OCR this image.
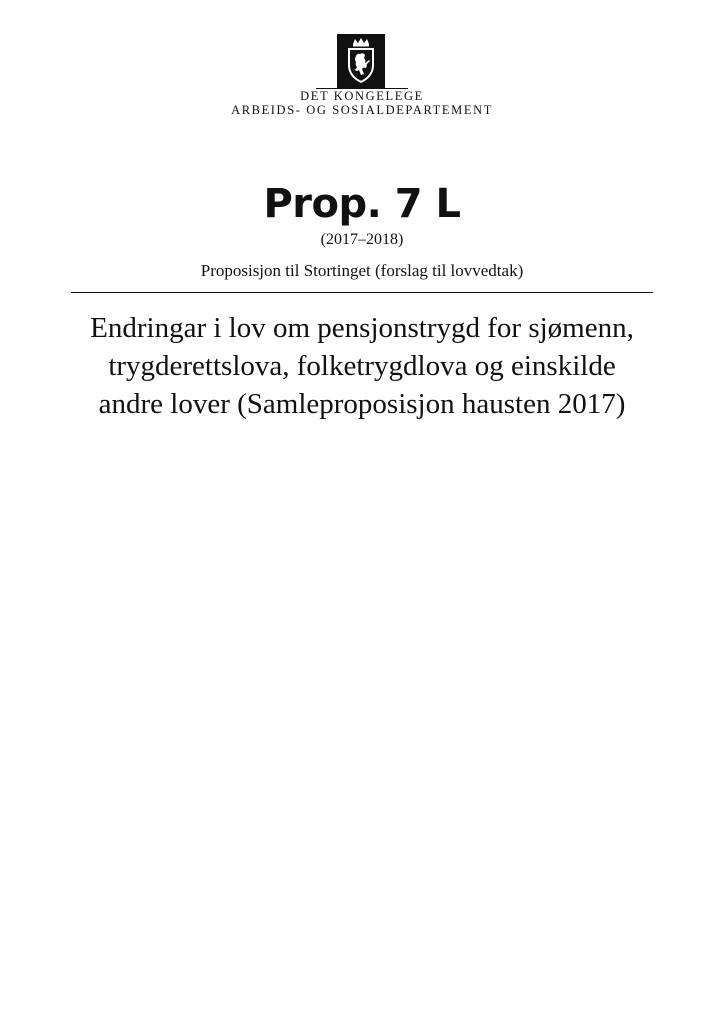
DET KONGELEGE
ARBEIDS- OG SOSIALDEPARTEMENT
Prop. 7 L
(2017–2018)
Proposisjon til Stortinget (forslag til lovvedtak)
Endringar i lov om pensjonstrygd for sjømenn,
trygderettslova, folketrygdlova og einskilde
andre lover (Samleproposisjon hausten 2017)
